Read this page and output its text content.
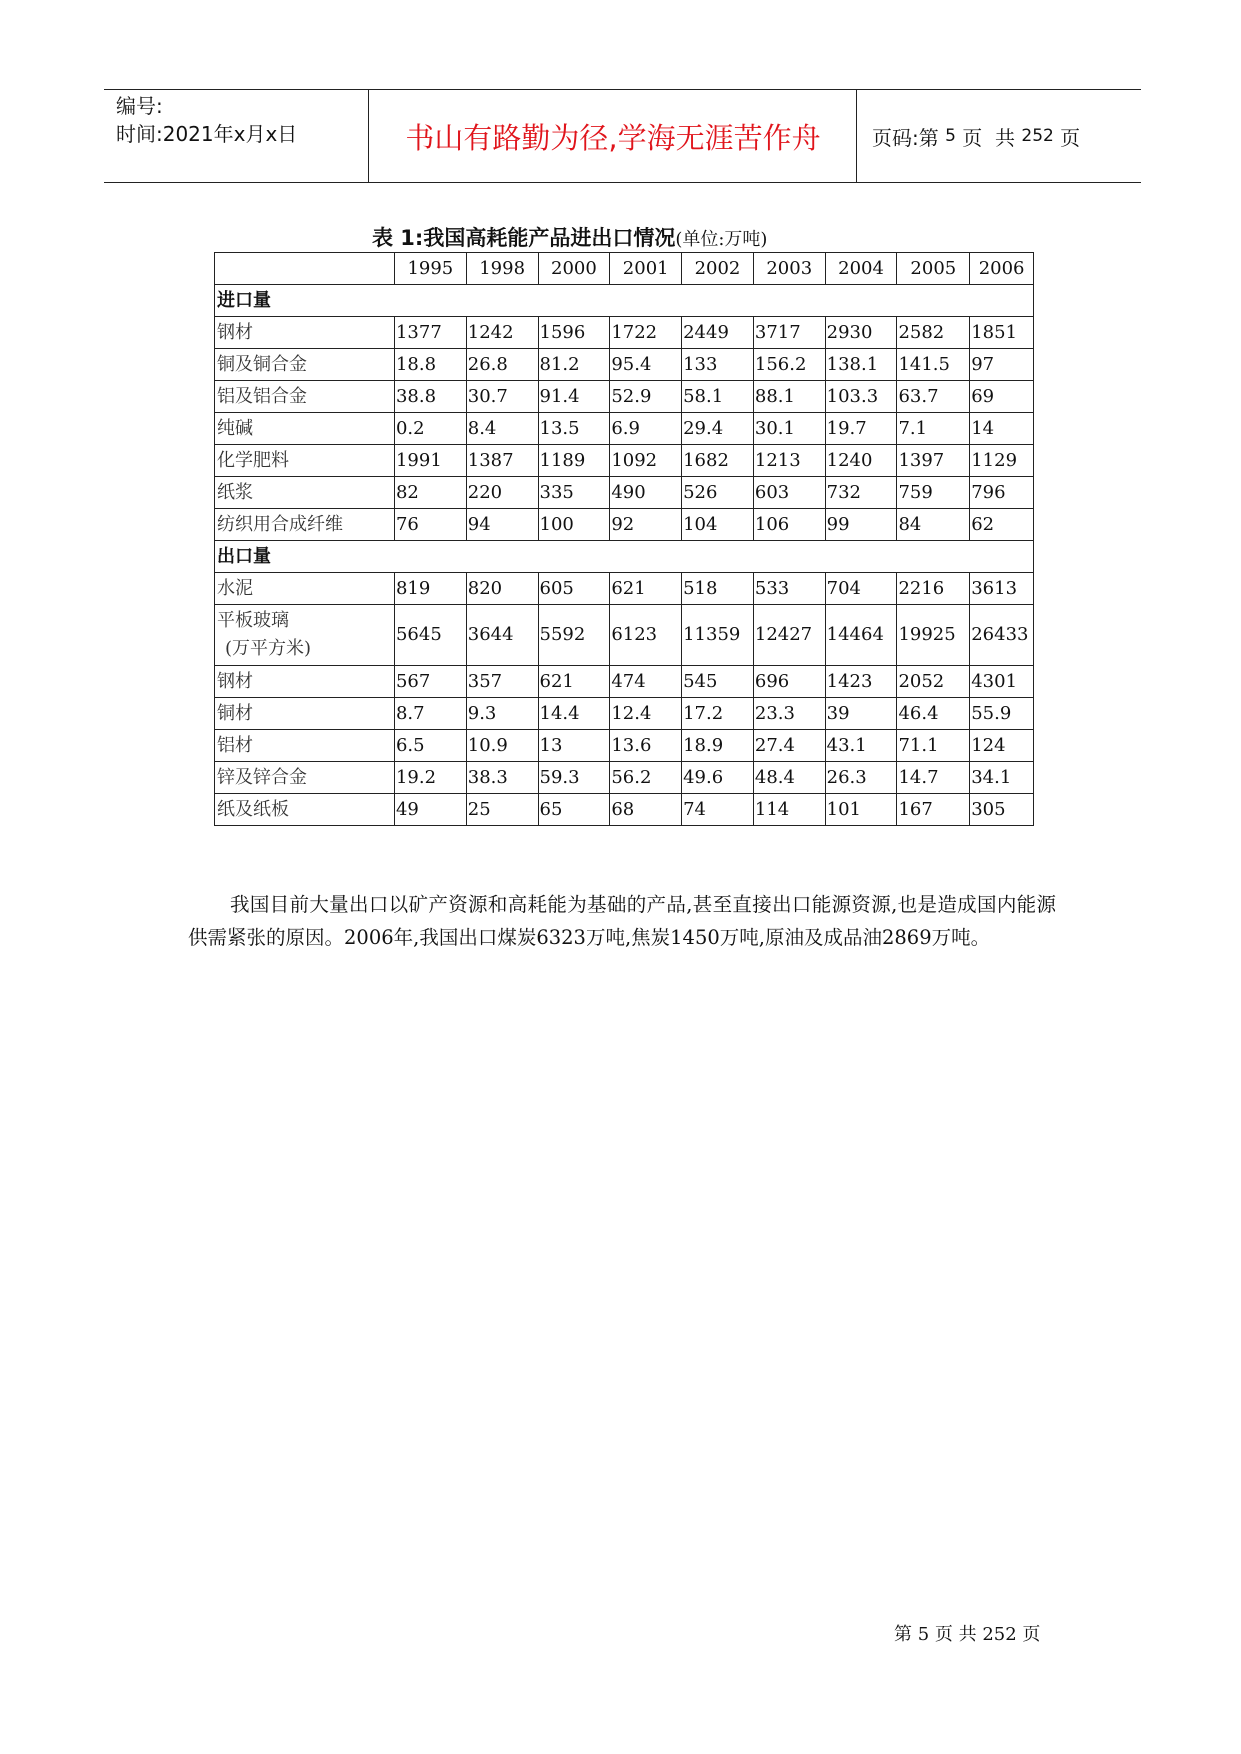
编号:
时间:2021年x月x日	书山有路勤为径,学海无涯苦作舟	页码:第 5 页  共 252 页
表 1:我国高耗能产品进出口情况(单位:万吨)
	1995	1998	2000	2001	2002	2003	2004	2005	2006
进口量									

钢材	1377	1242	1596	1722	2449	3717	2930	2582	1851

铜及铜合金	18.8	26.8	81.2	95.4	133	156.2	138.1	141.5	97

铝及铝合金	38.8	30.7	91.4	52.9	58.1	88.1	103.3	63.7	69

纯碱	0.2	8.4	13.5	6.9	29.4	30.1	19.7	7.1	14

化学肥料	1991	1387	1189	1092	1682	1213	1240	1397	1129

纸浆	82	220	335	490	526	603	732	759	796

纺织用合成纤维	76	94	100	92	104	106	99	84	62
出口量									

水泥	819	820	605	621	518	533	704	2216	3613

平板玻璃
(万平方米)	5645	3644	5592	6123	11359	12427	14464	19925	26433

钢材	567	357	621	474	545	696	1423	2052	4301

铜材	8.7	9.3	14.4	12.4	17.2	23.3	39	46.4	55.9

铝材	6.5	10.9	13	13.6	18.9	27.4	43.1	71.1	124

锌及锌合金	19.2	38.3	59.3	56.2	49.6	48.4	26.3	14.7	34.1

纸及纸板	49	25	65	68	74	114	101	167	305
我国目前大量出口以矿产资源和高耗能为基础的产品,甚至直接出口能源资源,也是造成国内能源供需紧张的原因。2006年,我国出口煤炭6323万吨,焦炭1450万吨,原油及成品油2869万吨。
第 5 页 共 252 页
